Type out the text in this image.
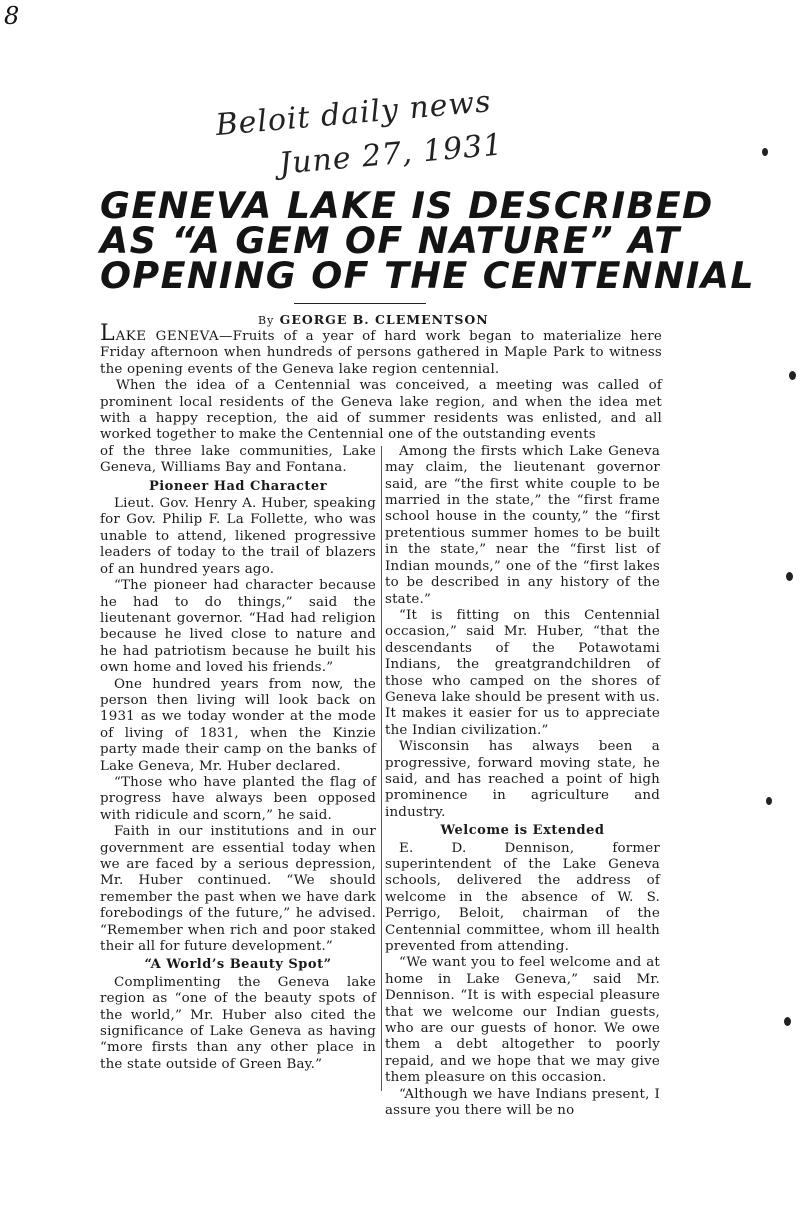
8
Beloit daily news
June 27, 1931
GENEVA LAKE IS DESCRIBED
AS “A GEM OF NATURE” AT
OPENING OF THE CENTENNIAL
By GEORGE B. CLEMENTSON

LAKE GENEVA—Fruits of a year of hard work began to materialize here Friday afternoon when hundreds of persons gathered in Maple Park to witness the opening events of the Geneva lake region centennial.

When the idea of a Centennial was conceived, a meeting was called of prominent local residents of the Geneva lake region, and when the idea met with a happy reception, the aid of summer residents was enlisted, and all worked together to make the Centennial one of the outstanding events

of the three lake communities, Lake Geneva, Williams Bay and Fontana.

Pioneer Had Character

Lieut. Gov. Henry A. Huber, speaking for Gov. Philip F. La Follette, who was unable to attend, likened progressive leaders of today to the trail of blazers of an hundred years ago.

“The pioneer had character because he had to do things,” said the lieutenant governor. “Had had religion because he lived close to nature and he had patriotism because he built his own home and loved his friends.”

One hundred years from now, the person then living will look back on 1931 as we today wonder at the mode of living of 1831, when the Kinzie party made their camp on the banks of Lake Geneva, Mr. Huber declared.

“Those who have planted the flag of progress have always been opposed with ridicule and scorn,” he said.

Faith in our institutions and in our government are essential today when we are faced by a serious depression, Mr. Huber continued. “We should remember the past when we have dark forebodings of the future,” he advised. “Remember when rich and poor staked their all for future development.”

“A World’s Beauty Spot”

Complimenting the Geneva lake region as “one of the beauty spots of the world,” Mr. Huber also cited the significance of Lake Geneva as having “more firsts than any other place in the state outside of Green Bay.”

Among the firsts which Lake Geneva may claim, the lieutenant governor said, are “the first white couple to be married in the state,” the “first frame school house in the county,” the “first pretentious summer homes to be built in the state,” near the “first list of Indian mounds,” one of the “first lakes to be described in any history of the state.”

“It is fitting on this Centennial occasion,” said Mr. Huber, “that the descendants of the Potawotami Indians, the greatgrandchildren of those who camped on the shores of Geneva lake should be present with us. It makes it easier for us to appreciate the Indian civilization.”

Wisconsin has always been a progressive, forward moving state, he said, and has reached a point of high prominence in agriculture and industry.

Welcome is Extended

E. D. Dennison, former superintendent of the Lake Geneva schools, delivered the address of welcome in the absence of W. S. Perrigo, Beloit, chairman of the Centennial committee, whom ill health prevented from attending.

“We want you to feel welcome and at home in Lake Geneva,” said Mr. Dennison. “It is with especial pleasure that we welcome our Indian guests, who are our guests of honor. We owe them a debt altogether to poorly repaid, and we hope that we may give them pleasure on this occasion.

“Although we have Indians present, I assure you there will be no
